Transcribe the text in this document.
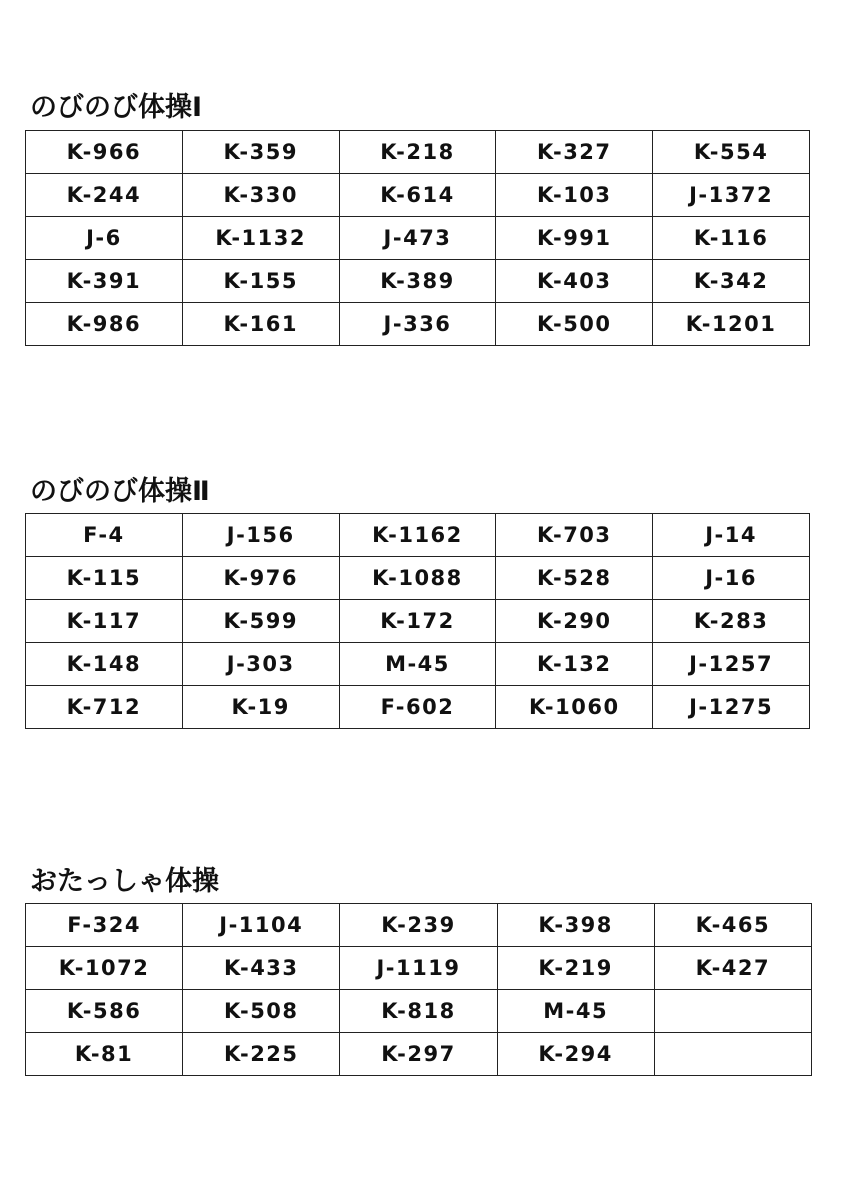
のびのび体操Ⅰ
K-966	K-359	K-218	K-327	K-554
K-244	K-330	K-614	K-103	J-1372
J-6	K-1132	J-473	K-991	K-116
K-391	K-155	K-389	K-403	K-342
K-986	K-161	J-336	K-500	K-1201
のびのび体操Ⅱ
F-4	J-156	K-1162	K-703	J-14
K-115	K-976	K-1088	K-528	J-16
K-117	K-599	K-172	K-290	K-283
K-148	J-303	M-45	K-132	J-1257
K-712	K-19	F-602	K-1060	J-1275
おたっしゃ体操
F-324	J-1104	K-239	K-398	K-465
K-1072	K-433	J-1119	K-219	K-427
K-586	K-508	K-818	M-45	
K-81	K-225	K-297	K-294	
